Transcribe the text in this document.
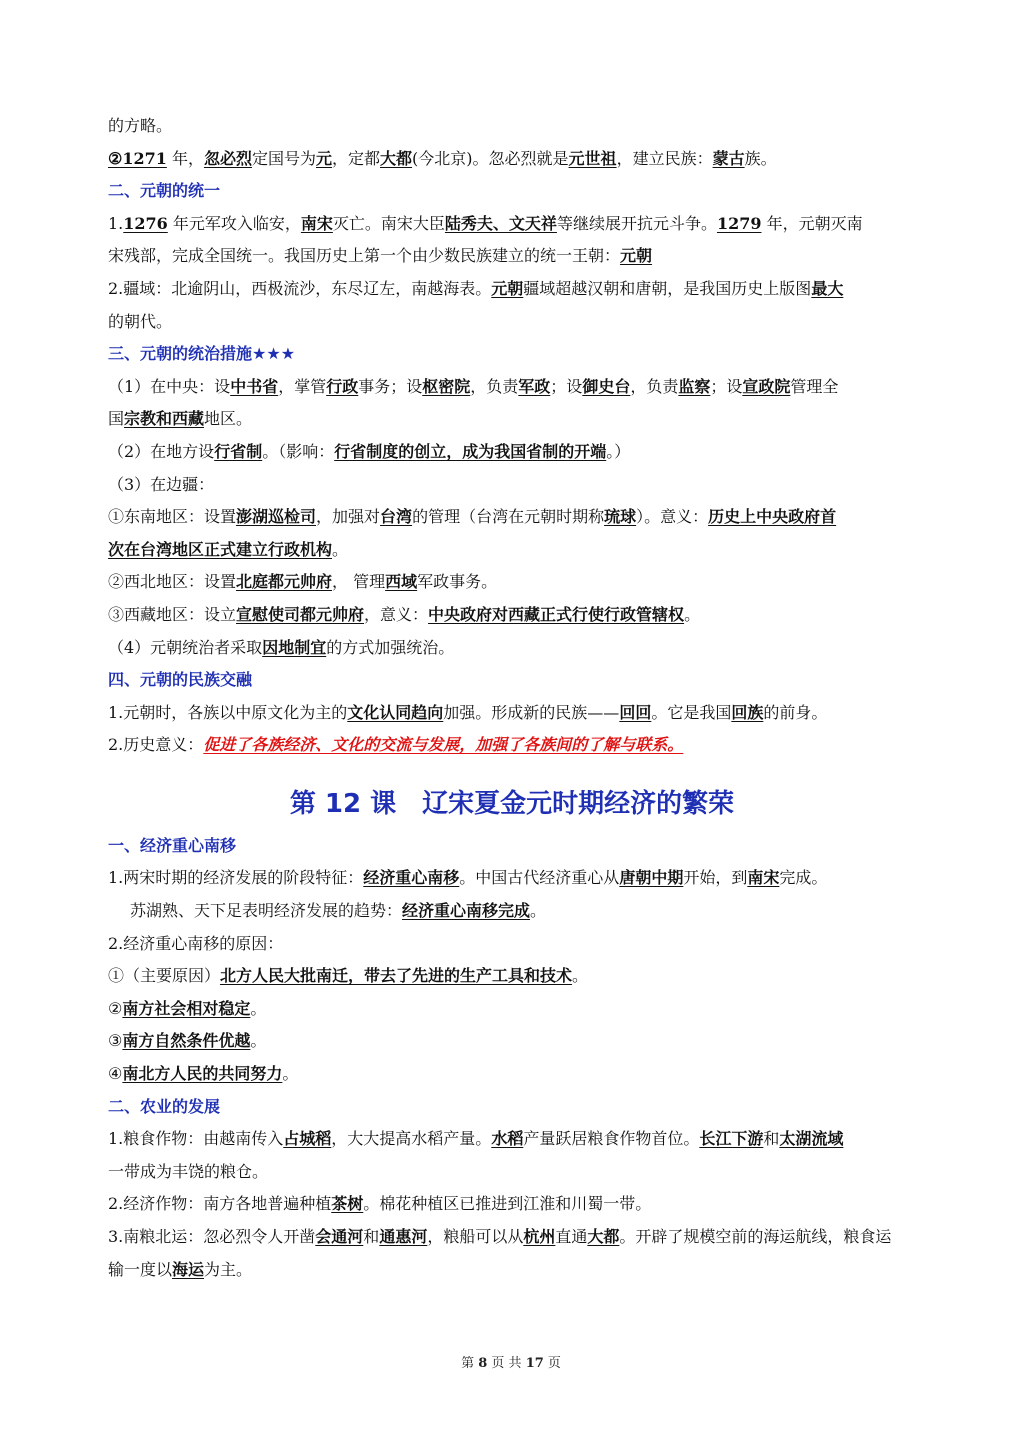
的方略。
②1271 年，忽必烈定国号为元，定都大都(今北京)。忽必烈就是元世祖，建立民族：蒙古族。
二、元朝的统一
1.1276 年元军攻入临安，南宋灭亡。南宋大臣陆秀夫、文天祥等继续展开抗元斗争。1279 年，元朝灭南
宋残部，完成全国统一。我国历史上第一个由少数民族建立的统一王朝：元朝
2.疆域：北逾阴山，西极流沙，东尽辽左，南越海表。元朝疆域超越汉朝和唐朝，是我国历史上版图最大
的朝代。
三、元朝的统治措施★★★
（1）在中央：设中书省，掌管行政事务；设枢密院，负责军政；设御史台，负责监察；设宣政院管理全
国宗教和西藏地区。
（2）在地方设行省制。（影响：行省制度的创立，成为我国省制的开端。）
（3）在边疆：
①东南地区：设置澎湖巡检司，加强对台湾的管理（台湾在元朝时期称琉球）。意义：历史上中央政府首
次在台湾地区正式建立行政机构。
②西北地区：设置北庭都元帅府， 管理西域军政事务。
③西藏地区：设立宣慰使司都元帅府，意义：中央政府对西藏正式行使行政管辖权。
（4）元朝统治者采取因地制宜的方式加强统治。
四、元朝的民族交融
1.元朝时，各族以中原文化为主的文化认同趋向加强。形成新的民族——回回。它是我国回族的前身。
2.历史意义：促进了各族经济、文化的交流与发展，加强了各族间的了解与联系。
第 12 课　辽宋夏金元时期经济的繁荣
一、经济重心南移
1.两宋时期的经济发展的阶段特征：经济重心南移。中国古代经济重心从唐朝中期开始，到南宋完成。
苏湖熟、天下足表明经济发展的趋势：经济重心南移完成。
2.经济重心南移的原因：
①（主要原因）北方人民大批南迁，带去了先进的生产工具和技术。
②南方社会相对稳定。
③南方自然条件优越。
④南北方人民的共同努力。
二、农业的发展
1.粮食作物：由越南传入占城稻，大大提高水稻产量。水稻产量跃居粮食作物首位。长江下游和太湖流域
一带成为丰饶的粮仓。
2.经济作物：南方各地普遍种植茶树。棉花种植区已推进到江淮和川蜀一带。
3.南粮北运：忽必烈令人开凿会通河和通惠河，粮船可以从杭州直通大都。开辟了规模空前的海运航线，粮食运
输一度以海运为主。
第 8 页 共 17 页
